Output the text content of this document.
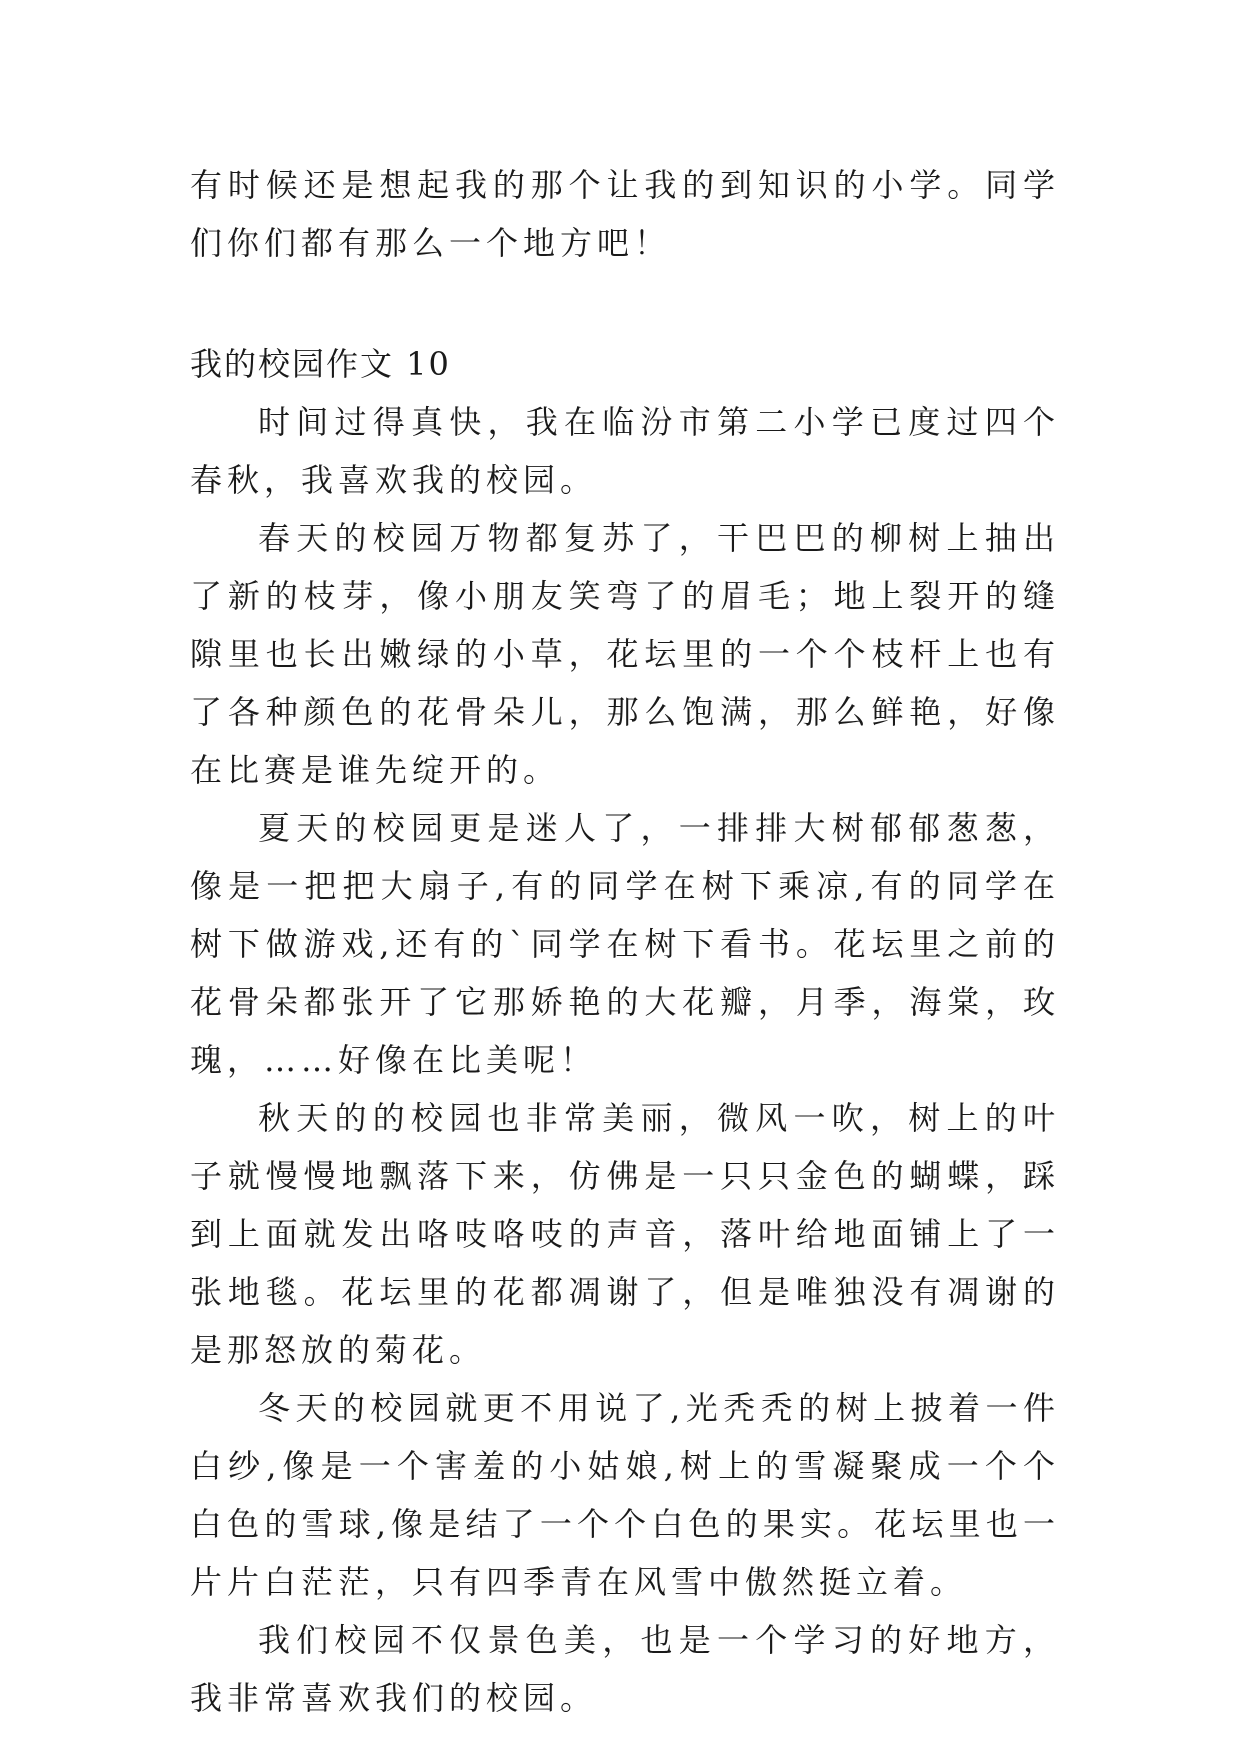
有时候还是想起我的那个让我的到知识的小学。同学们你们都有那么一个地方吧！

我的校园作文 10

时间过得真快，我在临汾市第二小学已度过四个春秋，我喜欢我的校园。

春天的校园万物都复苏了，干巴巴的柳树上抽出了新的枝芽，像小朋友笑弯了的眉毛；地上裂开的缝隙里也长出嫩绿的小草，花坛里的一个个枝杆上也有了各种颜色的花骨朵儿，那么饱满，那么鲜艳，好像在比赛是谁先绽开的。

夏天的校园更是迷人了，一排排大树郁郁葱葱，像是一把把大扇子,有的同学在树下乘凉,有的同学在树下做游戏,还有的`同学在树下看书。花坛里之前的花骨朵都张开了它那娇艳的大花瓣，月季，海棠，玫瑰，……好像在比美呢！

秋天的的校园也非常美丽，微风一吹，树上的叶子就慢慢地飘落下来，仿佛是一只只金色的蝴蝶，踩到上面就发出咯吱咯吱的声音，落叶给地面铺上了一张地毯。花坛里的花都凋谢了，但是唯独没有凋谢的是那怒放的菊花。

冬天的校园就更不用说了,光秃秃的树上披着一件白纱,像是一个害羞的小姑娘,树上的雪凝聚成一个个白色的雪球,像是结了一个个白色的果实。花坛里也一片片白茫茫，只有四季青在风雪中傲然挺立着。

我们校园不仅景色美，也是一个学习的好地方，我非常喜欢我们的校园。
